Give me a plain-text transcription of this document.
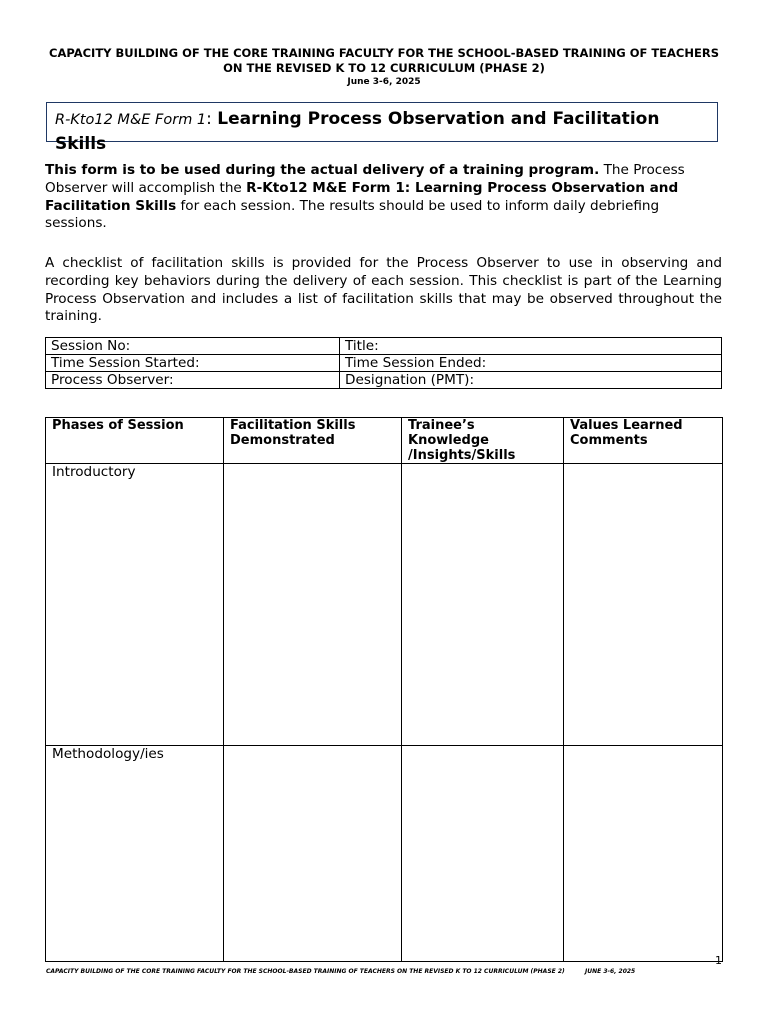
CAPACITY BUILDING OF THE CORE TRAINING FACULTY FOR THE SCHOOL-BASED TRAINING OF TEACHERS ON THE REVISED K TO 12 CURRICULUM (PHASE 2)
June 3-6, 2025
R-Kto12 M&E Form 1: Learning Process Observation and Facilitation Skills

This form is to be used during the actual delivery of a training program. The Process Observer will accomplish the R-Kto12 M&E Form 1: Learning Process Observation and Facilitation Skills for each session. The results should be used to inform daily debriefing sessions.

A checklist of facilitation skills is provided for the Process Observer to use in observing and recording key behaviors during the delivery of each session. This checklist is part of the Learning Process Observation and includes a list of facilitation skills that may be observed throughout the training.

Session No:	Title:
Time Session Started:	Time Session Ended:
Process Observer:	Designation (PMT):
Phases of Session	Facilitation Skills Demonstrated	Trainee’s Knowledge /Insights/Skills	Values Learned Comments
Introductory			
Methodology/ies			
1
CAPACITY BUILDING OF THE CORE TRAINING FACULTY FOR THE SCHOOL-BASED TRAINING OF TEACHERS ON THE REVISED K TO 12 CURRICULUM (PHASE 2)	JUNE 3-6, 2025
